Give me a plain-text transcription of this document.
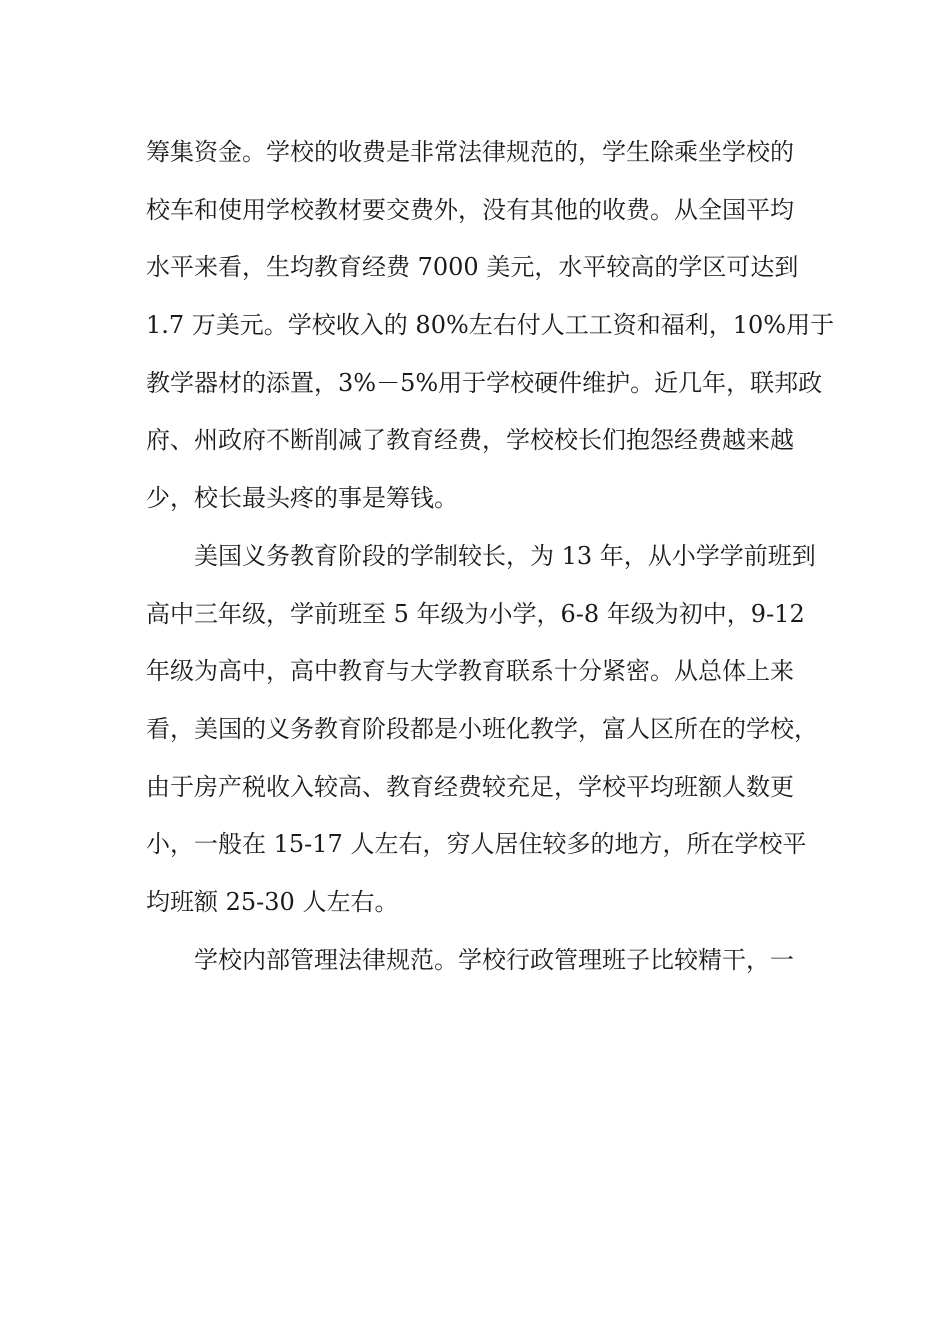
筹集资金。学校的收费是非常法律规范的，学生除乘坐学校的
校车和使用学校教材要交费外，没有其他的收费。从全国平均
水平来看，生均教育经费 7000 美元，水平较高的学区可达到
1.7 万美元。学校收入的 80%左右付人工工资和福利，10%用于
教学器材的添置，3%－5%用于学校硬件维护。近几年，联邦政
府、州政府不断削减了教育经费，学校校长们抱怨经费越来越
少，校长最头疼的事是筹钱。
美国义务教育阶段的学制较长，为 13 年，从小学学前班到
高中三年级，学前班至 5 年级为小学，6-8 年级为初中，9-12
年级为高中，高中教育与大学教育联系十分紧密。从总体上来
看，美国的义务教育阶段都是小班化教学，富人区所在的学校，
由于房产税收入较高、教育经费较充足，学校平均班额人数更
小，一般在 15-17 人左右，穷人居住较多的地方，所在学校平
均班额 25-30 人左右。
学校内部管理法律规范。学校行政管理班子比较精干，一
